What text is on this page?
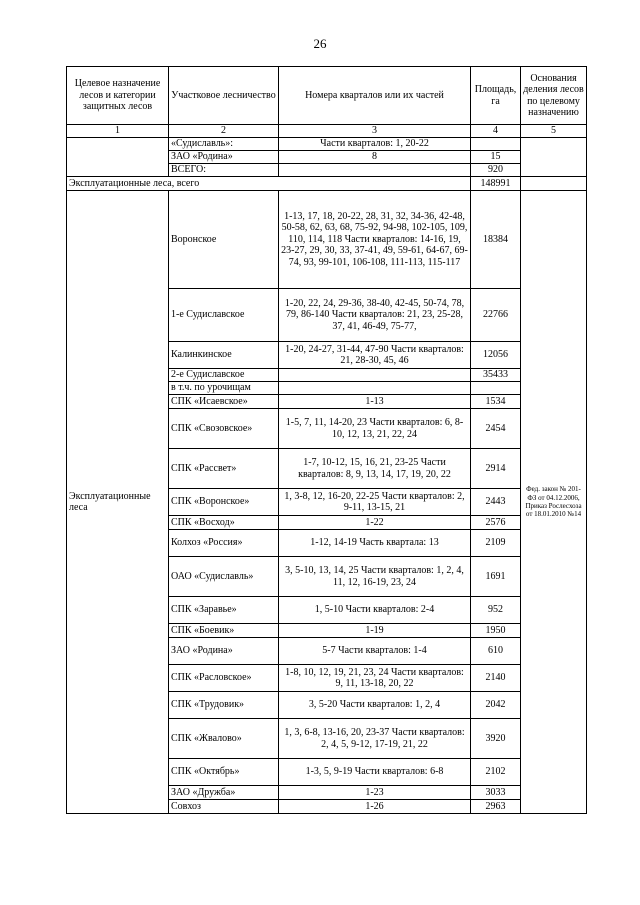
26
Целевое назначение лесов и категории защитных лесов	Участковое лесничество	Номера кварталов или их частей	Площадь, га	Основания деления лесов по целевому назначению
1	2	3	4	5
	«Судиславль»:	Части кварталов: 1, 20-22		
	ЗАО «Родина»	8	15	
	ВСЕГО:		920	
Эксплуатационные леса, всего			148991	
Эксплуатационные леса	Воронское	1-13, 17, 18, 20-22, 28, 31, 32, 34-36, 42-48, 50-58, 62, 63, 68, 75-92, 94-98, 102-105, 109, 110, 114, 118 Части кварталов: 14-16, 19, 23-27, 29, 30, 33, 37-41, 49, 59-61, 64-67, 69-74, 93, 99-101, 106-108, 111-113, 115-117	18384	Фед. закон № 201-ФЗ от 04.12.2006, Приказ Рослесхоза от 18.01.2010 №14
	1-е Судиславское	1-20, 22, 24, 29-36, 38-40, 42-45, 50-74, 78, 79, 86-140 Части кварталов: 21, 23, 25-28, 37, 41, 46-49, 75-77,	22766	
	Калинкинское	1-20, 24-27, 31-44, 47-90 Части кварталов: 21, 28-30, 45, 46	12056	
	2-е Судиславское		35433	
	в т.ч. по урочищам			
	СПК «Исаевское»	1-13	1534	
	СПК «Свозовское»	1-5, 7, 11, 14-20, 23 Части кварталов: 6, 8-10, 12, 13, 21, 22, 24	2454	
	СПК «Рассвет»	1-7, 10-12, 15, 16, 21, 23-25 Части кварталов: 8, 9, 13, 14, 17, 19, 20, 22	2914	
	СПК «Воронское»	1, 3-8, 12, 16-20, 22-25 Части кварталов: 2, 9-11, 13-15, 21	2443	
	СПК «Восход»	1-22	2576	
	Колхоз «Россия»	1-12, 14-19 Часть квартала: 13	2109	
	ОАО «Судиславль»	3, 5-10, 13, 14, 25 Части кварталов: 1, 2, 4, 11, 12, 16-19, 23, 24	1691	
	СПК «Заравье»	1, 5-10 Части кварталов: 2-4	952	
	СПК «Боевик»	1-19	1950	
	ЗАО «Родина»	5-7 Части кварталов: 1-4	610	
	СПК «Расловское»	1-8, 10, 12, 19, 21, 23, 24 Части кварталов: 9, 11, 13-18, 20, 22	2140	
	СПК «Трудовик»	3, 5-20 Части кварталов: 1, 2, 4	2042	
	СПК «Жвалово»	1, 3, 6-8, 13-16, 20, 23-37 Части кварталов: 2, 4, 5, 9-12, 17-19, 21, 22	3920	
	СПК «Октябрь»	1-3, 5, 9-19 Части кварталов: 6-8	2102	
	ЗАО «Дружба»	1-23	3033	
	Совхоз	1-26	2963	
